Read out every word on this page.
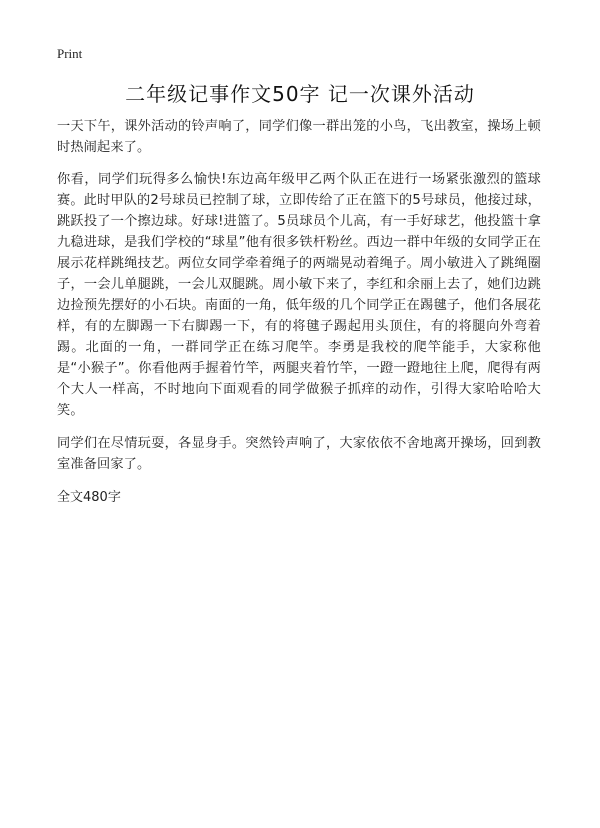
Print
二年级记事作文50字 记一次课外活动

一天下午，课外活动的铃声响了，同学们像一群出笼的小鸟，飞出教室，操场上顿时热闹起来了。

你看，同学们玩得多么愉快!东边高年级甲乙两个队正在进行一场紧张激烈的篮球赛。此时甲队的2号球员已控制了球，立即传给了正在篮下的5号球员，他接过球，跳跃投了一个擦边球。好球!进篮了。5员球员个儿高，有一手好球艺，他投篮十拿九稳进球，是我们学校的“球星”他有很多铁杆粉丝。西边一群中年级的女同学正在展示花样跳绳技艺。两位女同学牵着绳子的两端晃动着绳子。周小敏进入了跳绳圈子，一会儿单腿跳，一会儿双腿跳。周小敏下来了，李红和余丽上去了，她们边跳边捡预先摆好的小石块。南面的一角，低年级的几个同学正在踢毽子，他们各展花样，有的左脚踢一下右脚踢一下，有的将毽子踢起用头顶住，有的将腿向外弯着踢。北面的一角，一群同学正在练习爬竿。李勇是我校的爬竿能手，大家称他是“小猴子”。你看他两手握着竹竿，两腿夹着竹竿，一蹬一蹬地往上爬，爬得有两个大人一样高，不时地向下面观看的同学做猴子抓痒的动作，引得大家哈哈哈大笑。

同学们在尽情玩耍，各显身手。突然铃声响了，大家依依不舍地离开操场，回到教室准备回家了。

全文480字
